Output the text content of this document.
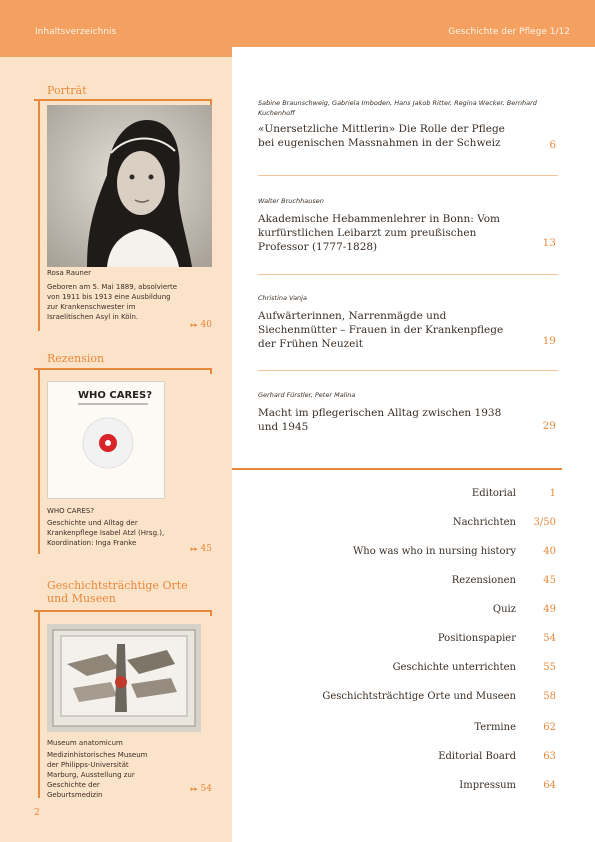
Inhaltsverzeichnis	Geschichte der Pflege 1/12
Porträt
Rosa Rauner
Geboren am 5. Mai 1889, absolvierte von 1911 bis 1913 eine Ausbildung zur Krankenschwester im Israelitischen Asyl in Köln.
▸▸ 40
Rezension
WHO CARES?
WHO CARES?
Geschichte und Alltag der Krankenpflege Isabel Atzl (Hrsg.), Koordination: Inga Franke
▸▸ 45
Geschichtsträchtige Orte und Museen
Museum anatomicum
Medizinhistorisches Museum der Philipps-Universität Marburg, Ausstellung zur Geschichte der Geburtsmedizin
▸▸ 54
2
Sabine Braunschweig, Gabriela Imboden, Hans Jakob Ritter, Regina Wecker, Bernhard Kuchenhoff
«Unersetzliche Mittlerin» Die Rolle der Pflege bei eugenischen Massnahmen in der Schweiz	6
Walter Bruchhausen
Akademische Hebammenlehrer in Bonn: Vom kurfürstlichen Leibarzt zum preußischen Professor (1777-1828)	13
Christina Vanja
Aufwärterinnen, Narrenmägde und Siechenmütter – Frauen in der Krankenpflege der Frühen Neuzeit	19
Gerhard Fürstler, Peter Malina
Macht im pflegerischen Alltag zwischen 1938 und 1945	29
Editorial	1
Nachrichten 3/50
Who was who in nursing history	40
Rezensionen	45
Quiz	49
Positionspapier	54
Geschichte unterrichten	55
Geschichtsträchtige Orte und Museen	58
Termine	62
Editorial Board	63
Impressum	64
